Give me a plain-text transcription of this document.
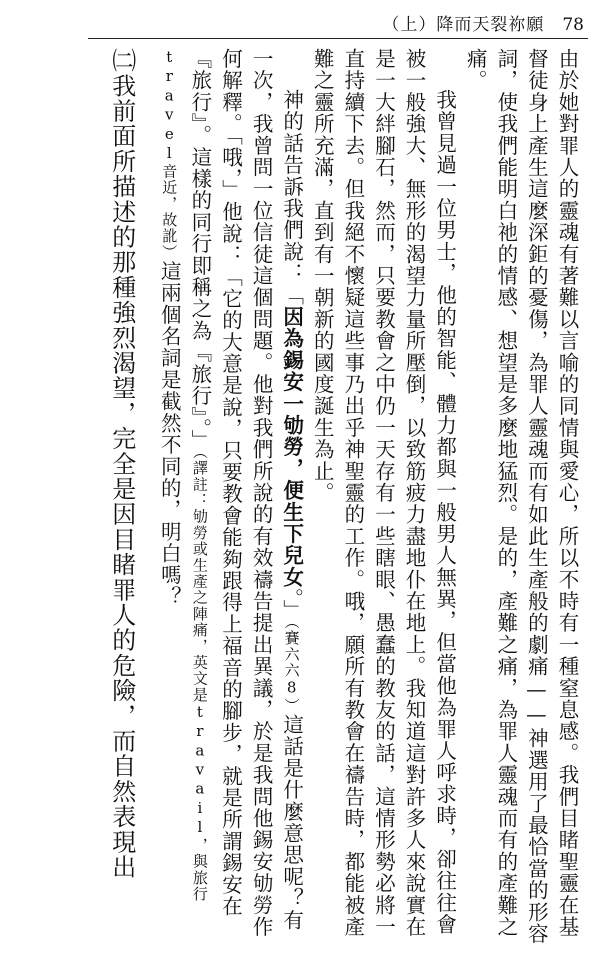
（上）降而天裂祢願 78

由於她對罪人的靈魂有著難以言喻的同情與愛心，所以不時有一種窒息感。我們目睹聖靈在基督徒身上產生這麼深鉅的憂傷，為罪人靈魂而有如此生產般的劇痛——神選用了最恰當的形容詞，使我們能明白祂的情感、想望是多麼地猛烈。是的，產難之痛，為罪人靈魂而有的產難之痛。

我曾見過一位男士，他的智能、體力都與一般男人無異，但當他為罪人呼求時，卻往往會被一般強大、無形的渴望力量所壓倒，以致筋疲力盡地仆在地上。我知道這對許多人來說實在是一大絆腳石，然而，只要教會之中仍一天存有一些瞎眼、愚蠢的教友的話，這情形勢必將一直持續下去。但我絕不懷疑這些事乃出乎神聖靈的工作。哦，願所有教會在禱告時，都能被產難之靈所充滿，直到有一朝新的國度誕生為止。

神的話告訴我們說：「因為錫安一劬勞，便生下兒女。」（賽六六8）這話是什麼意思呢？有一次，我曾問一位信徒這個問題。他對我們所說的有效禱告提出異議，於是我問他錫安劬勞作何解釋。「哦，」他說：「它的大意是說，只要教會能夠跟得上福音的腳步，就是所謂錫安在『旅行』。這樣的同行即稱之為『旅行』。」（譯註：劬勞或生產之陣痛，英文是travail，與旅行travel音近，故訛）這兩個名詞是截然不同的，明白嗎？

㈡我前面所描述的那種強烈渴望，完全是因目睹罪人的危險，而自然表現出
